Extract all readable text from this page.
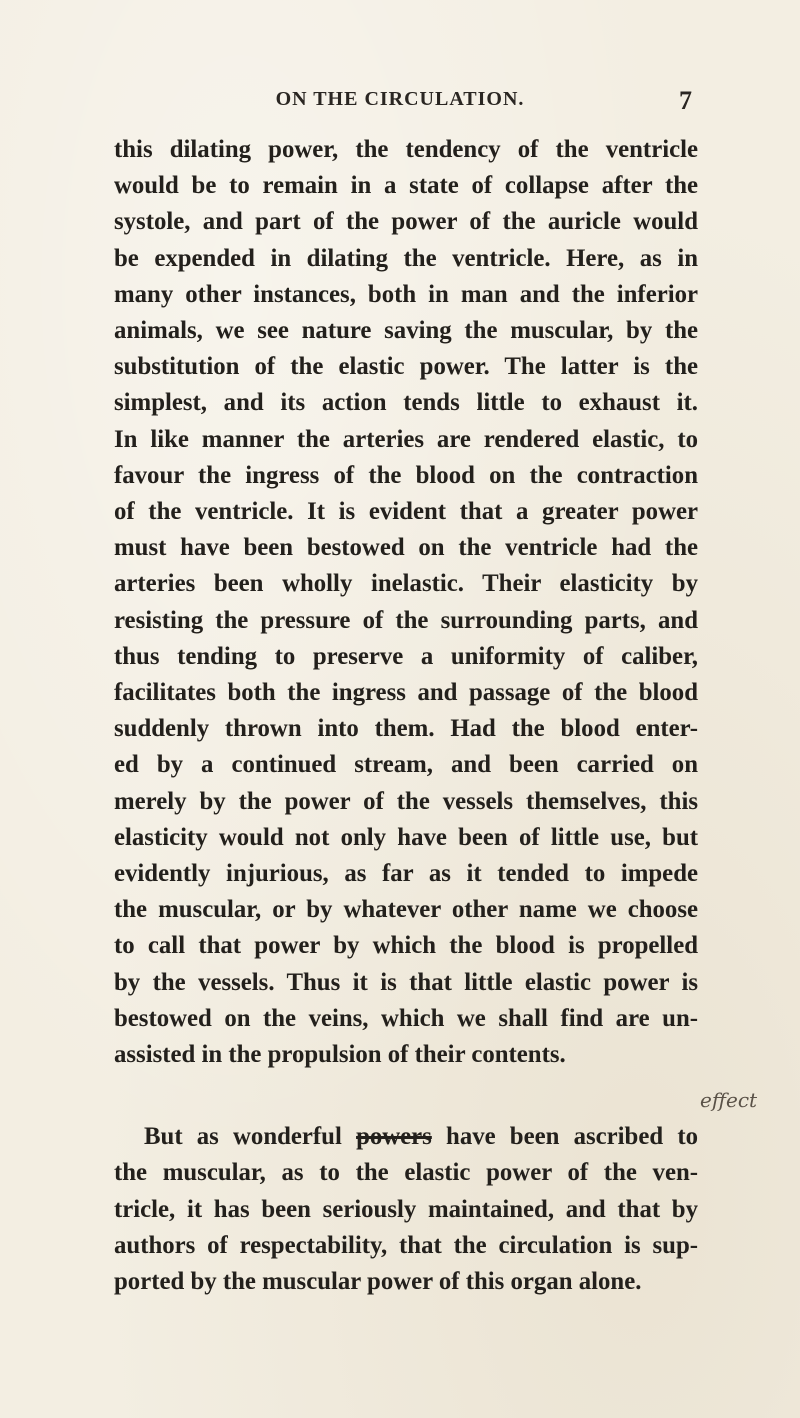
ON THE CIRCULATION.	7
this dilating power, the tendency of the ventricle
would be to remain in a state of collapse after the
systole, and part of the power of the auricle would
be expended in dilating the ventricle. Here, as in
many other instances, both in man and the inferior
animals, we see nature saving the muscular, by the
substitution of the elastic power. The latter is the
simplest, and its action tends little to exhaust it.
In like manner the arteries are rendered elastic, to
favour the ingress of the blood on the contraction
of the ventricle. It is evident that a greater power
must have been bestowed on the ventricle had the
arteries been wholly inelastic. Their elasticity by
resisting the pressure of the surrounding parts, and
thus tending to preserve a uniformity of caliber,
facilitates both the ingress and passage of the blood
suddenly thrown into them. Had the blood enter-
ed by a continued stream, and been carried on
merely by the power of the vessels themselves, this
elasticity would not only have been of little use, but
evidently injurious, as far as it tended to impede
the muscular, or by whatever other name we choose
to call that power by which the blood is propelled
by the vessels. Thus it is that little elastic power is
bestowed on the veins, which we shall find are un-
assisted in the propulsion of their contents.
But as wonderful powers have been ascribed to
the muscular, as to the elastic power of the ven-
tricle, it has been seriously maintained, and that by
authors of respectability, that the circulation is sup-
ported by the muscular power of this organ alone.
effect
